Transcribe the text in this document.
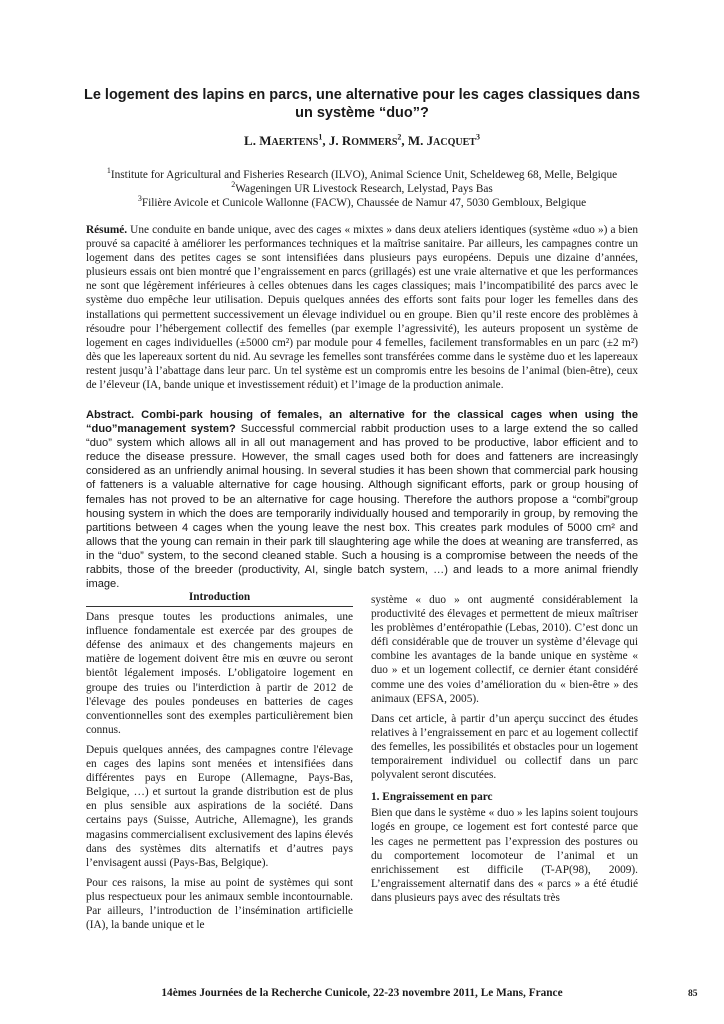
Le logement des lapins en parcs, une alternative pour les cages classiques dans un système “duo”?
L. MAERTENS$^1$, J. ROMMERS$^2$, M. JACQUET$^3$
$^1$Institute for Agricultural and Fisheries Research (ILVO), Animal Science Unit, Scheldeweg 68, Melle, Belgique
$^2$Wageningen UR Livestock Research, Lelystad, Pays Bas
$^3$Filière Avicole et Cunicole Wallonne (FACW), Chaussée de Namur 47, 5030 Gembloux, Belgique

Résumé. Une conduite en bande unique, avec des cages « mixtes » dans deux ateliers identiques (système «duo ») a bien prouvé sa capacité à améliorer les performances techniques et la maîtrise sanitaire. Par ailleurs, les campagnes contre un logement dans des petites cages se sont intensifiées dans plusieurs pays européens. Depuis une dizaine d’années, plusieurs essais ont bien montré que l’engraissement en parcs (grillagés) est une vraie alternative et que les performances ne sont que légèrement inférieures à celles obtenues dans les cages classiques; mais l’incompatibilité des parcs avec le système duo empêche leur utilisation. Depuis quelques années des efforts sont faits pour loger les femelles dans des installations qui permettent successivement un élevage individuel ou en groupe. Bien qu’il reste encore des problèmes à résoudre pour l’hébergement collectif des femelles (par exemple l’agressivité), les auteurs proposent un système de logement en cages individuelles (±5000 cm²) par module pour 4 femelles, facilement transformables en un parc (±2 m²) dès que les lapereaux sortent du nid. Au sevrage les femelles sont transférées comme dans le système duo et les lapereaux restent jusqu’à l’abattage dans leur parc. Un tel système est un compromis entre les besoins de l’animal (bien-être), ceux de l’éleveur (IA, bande unique et investissement réduit) et l’image de la production animale.

Abstract. Combi-park housing of females, an alternative for the classical cages when using the “duo”management system? Successful commercial rabbit production uses to a large extend the so called “duo” system which allows all in all out management and has proved to be productive, labor efficient and to reduce the disease pressure. However, the small cages used both for does and fatteners are increasingly considered as an unfriendly animal housing. In several studies it has been shown that commercial park housing of fatteners is a valuable alternative for cage housing. Although significant efforts, park or group housing of females has not proved to be an alternative for cage housing. Therefore the authors propose a “combi”group housing system in which the does are temporarily individually housed and temporarily in group, by removing the partitions between 4 cages when the young leave the nest box. This creates park modules of 5000 cm² and allows that the young can remain in their park till slaughtering age while the does at weaning are transferred, as in the “duo” system, to the second cleaned stable. Such a housing is a compromise between the needs of the rabbits, those of the breeder (productivity, AI, single batch system, …) and leads to a more animal friendly image.

Introduction

Dans presque toutes les productions animales, une influence fondamentale est exercée par des groupes de défense des animaux et des changements majeurs en matière de logement doivent être mis en œuvre ou seront bientôt légalement imposés. L’obligatoire logement en groupe des truies ou l'interdiction à partir de 2012 de l'élevage des poules pondeuses en batteries de cages conventionnelles sont des exemples particulièrement bien connus.

Depuis quelques années, des campagnes contre l'élevage en cages des lapins sont menées et intensifiées dans différentes pays en Europe (Allemagne, Pays-Bas, Belgique, …) et surtout la grande distribution est de plus en plus sensible aux aspirations de la société. Dans certains pays (Suisse, Autriche, Allemagne), les grands magasins commercialisent exclusivement des lapins élevés dans des systèmes dits alternatifs et d’autres pays l’envisagent aussi (Pays-Bas, Belgique).

Pour ces raisons, la mise au point de systèmes qui sont plus respectueux pour les animaux semble incontournable. Par ailleurs, l’introduction de l’insémination artificielle (IA), la bande unique et le

système « duo » ont augmenté considérablement la productivité des élevages et permettent de mieux maîtriser les problèmes d’entéropathie (Lebas, 2010). C’est donc un défi considérable que de trouver un système d’élevage qui combine les avantages de la bande unique en système « duo » et un logement collectif, ce dernier étant considéré comme une des voies d’amélioration du « bien-être » des animaux (EFSA, 2005).

Dans cet article, à partir d’un aperçu succinct des études relatives à l’engraissement en parc et au logement collectif des femelles, les possibilités et obstacles pour un logement temporairement individuel ou collectif dans un parc polyvalent seront discutées.

1. Engraissement en parc

Bien que dans le système « duo » les lapins soient toujours logés en groupe, ce logement est fort contesté parce que les cages ne permettent pas l’expression des postures ou du comportement locomoteur de l’animal et un enrichissement est difficile (T-AP(98), 2009). L’engraissement alternatif dans des « parcs » a été étudié dans plusieurs pays avec des résultats très

14èmes Journées de la Recherche Cunicole, 22-23 novembre 2011, Le Mans, France	85
